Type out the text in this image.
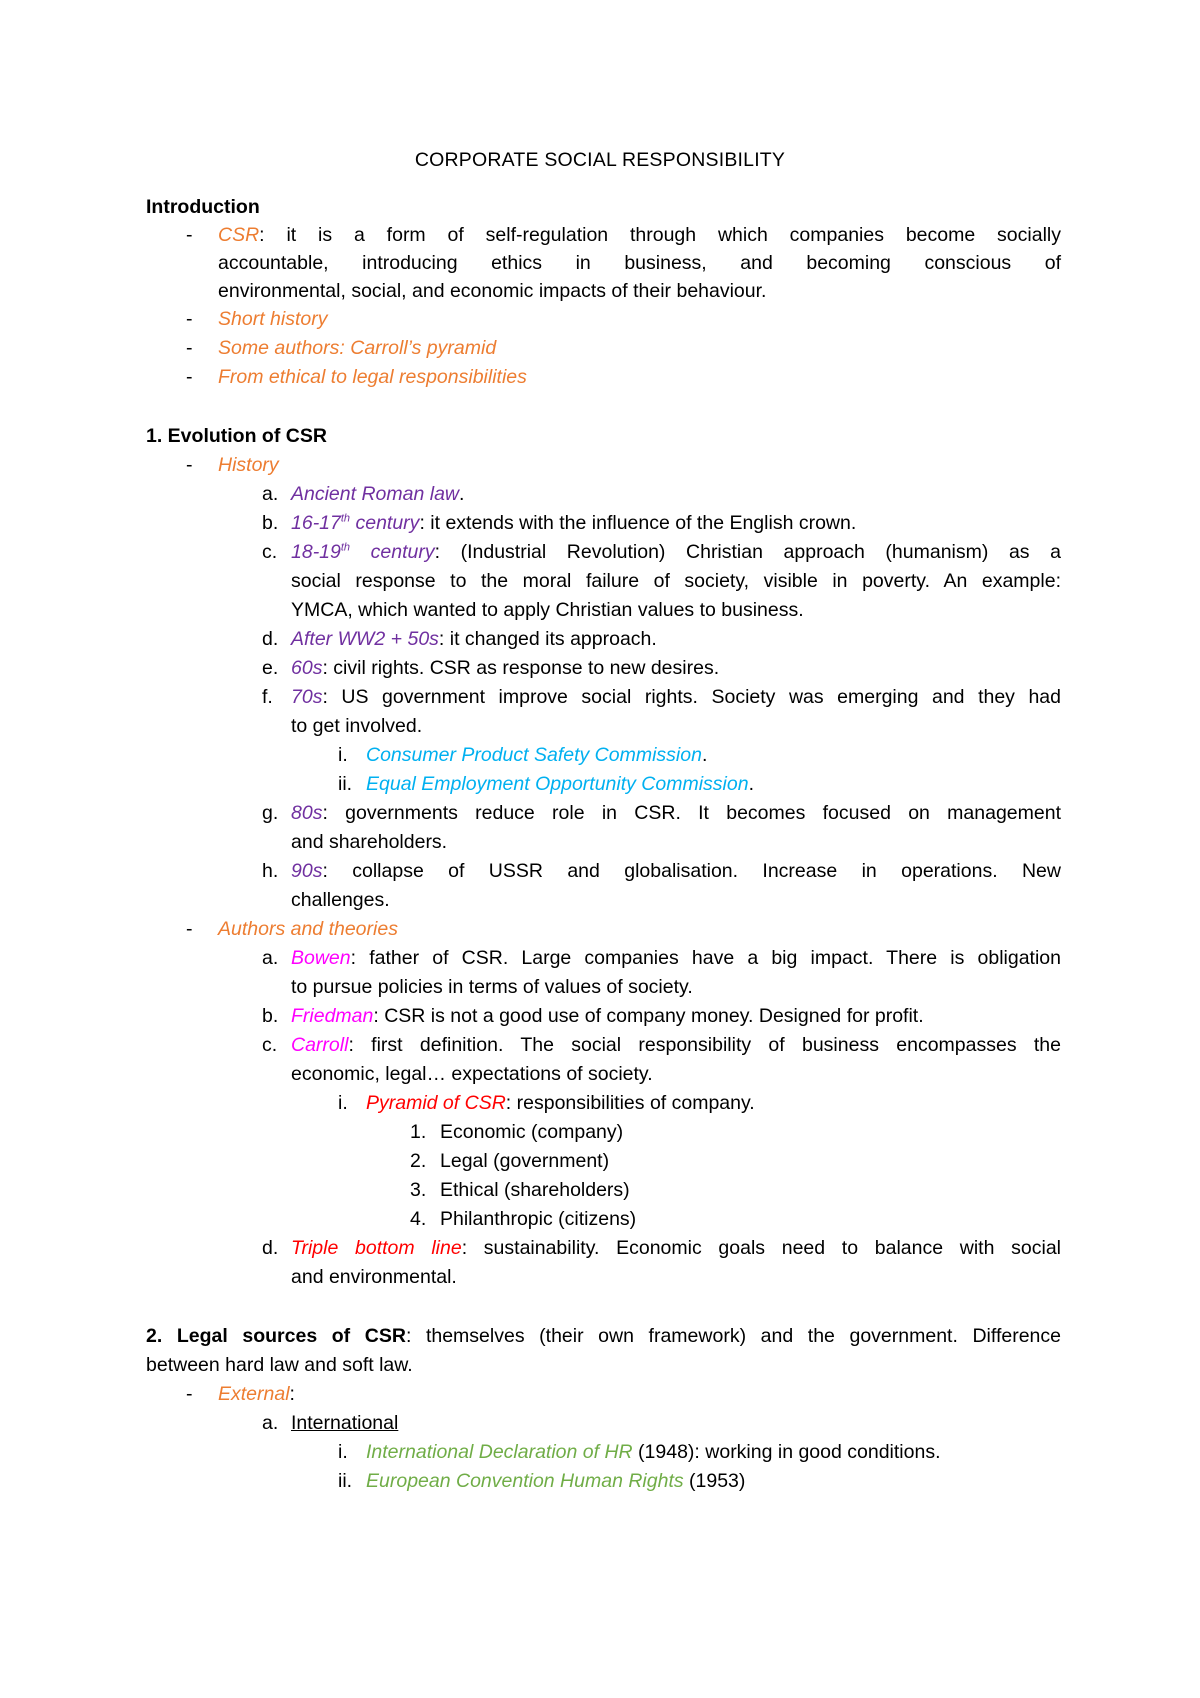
CORPORATE SOCIAL RESPONSIBILITY
Introduction
- CSR: it is a form of self-regulation through which companies become socially
accountable, introducing ethics in business, and becoming conscious of
environmental, social, and economic impacts of their behaviour.
- Short history
- Some authors: Carroll’s pyramid
- From ethical to legal responsibilities
1. Evolution of CSR
- History
a. Ancient Roman law.
b. 16-17th century: it extends with the influence of the English crown.
c. 18-19th century: (Industrial Revolution) Christian approach (humanism) as a
social response to the moral failure of society, visible in poverty. An example:
YMCA, which wanted to apply Christian values to business.
d. After WW2 + 50s: it changed its approach.
e. 60s: civil rights. CSR as response to new desires.
f. 70s: US government improve social rights. Society was emerging and they had
to get involved.
i. Consumer Product Safety Commission.
ii. Equal Employment Opportunity Commission.
g. 80s: governments reduce role in CSR. It becomes focused on management
and shareholders.
h. 90s: collapse of USSR and globalisation. Increase in operations. New
challenges.
- Authors and theories
a. Bowen: father of CSR. Large companies have a big impact. There is obligation
to pursue policies in terms of values of society.
b. Friedman: CSR is not a good use of company money. Designed for profit.
c. Carroll: first definition. The social responsibility of business encompasses the
economic, legal… expectations of society.
i. Pyramid of CSR: responsibilities of company.
1. Economic (company)
2. Legal (government)
3. Ethical (shareholders)
4. Philanthropic (citizens)
d. Triple bottom line: sustainability. Economic goals need to balance with social
and environmental.
2. Legal sources of CSR: themselves (their own framework) and the government. Difference
between hard law and soft law.
- External:
a. International
i. International Declaration of HR (1948): working in good conditions.
ii. European Convention Human Rights (1953)
